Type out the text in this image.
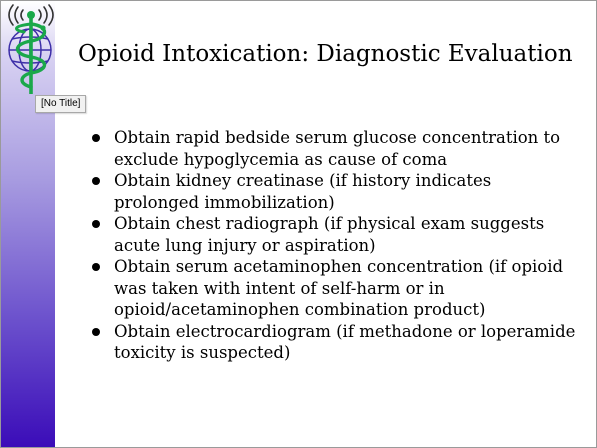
[No Title]
Opioid Intoxication: Diagnostic Evaluation
Obtain rapid bedside serum glucose concentration to exclude hypoglycemia as cause of coma
Obtain kidney creatinase (if history indicates prolonged immobilization)
Obtain chest radiograph (if physical exam suggests acute lung injury or aspiration)
Obtain serum acetaminophen concentration (if opioid was taken with intent of self-harm or in opioid/acetaminophen combination product)
Obtain electrocardiogram (if methadone or loperamide toxicity is suspected)
